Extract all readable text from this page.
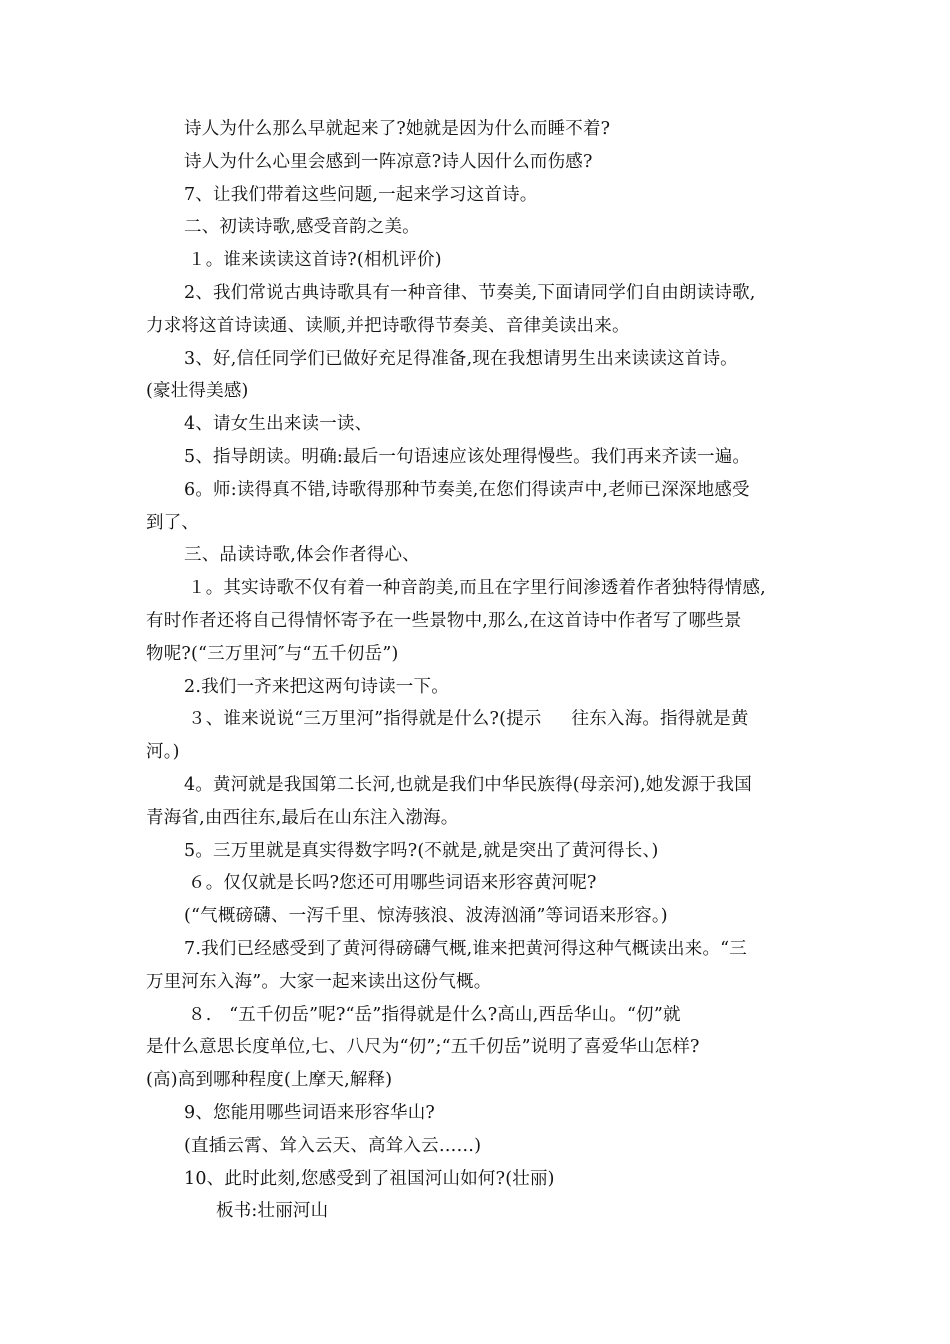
诗人为什么那么早就起来了?她就是因为什么而睡不着?

诗人为什么心里会感到一阵凉意?诗人因什么而伤感?

7、让我们带着这些问题,一起来学习这首诗。

二、初读诗歌,感受音韵之美。

１。谁来读读这首诗?(相机评价)

2、我们常说古典诗歌具有一种音律、节奏美,下面请同学们自由朗读诗歌,

力求将这首诗读通、读顺,并把诗歌得节奏美、音律美读出来。

3、好,信任同学们已做好充足得准备,现在我想请男生出来读读这首诗。

(豪壮得美感)

4、请女生出来读一读、

5、指导朗读。明确:最后一句语速应该处理得慢些。我们再来齐读一遍。

6。师:读得真不错,诗歌得那种节奏美,在您们得读声中,老师已深深地感受

到了、

三、品读诗歌,体会作者得心、

１。其实诗歌不仅有着一种音韵美,而且在字里行间渗透着作者独特得情感,

有时作者还将自己得情怀寄予在一些景物中,那么,在这首诗中作者写了哪些景

物呢?(“三万里河″与“五千仞岳”)

2.我们一齐来把这两句诗读一下。

３、谁来说说“三万里河”指得就是什么?(提示 往东入海。指得就是黄

河。)

4。黄河就是我国第二长河,也就是我们中华民族得(母亲河),她发源于我国

青海省,由西往东,最后在山东注入渤海。

5。三万里就是真实得数字吗?(不就是,就是突出了黄河得长、)

６。仅仅就是长吗?您还可用哪些词语来形容黄河呢?

(“气概磅礴、一泻千里、惊涛骇浪、波涛汹涌”等词语来形容。)

7.我们已经感受到了黄河得磅礴气概,谁来把黄河得这种气概读出来。“三

万里河东入海”。大家一起来读出这份气概。

８.　“五千仞岳”呢?“岳”指得就是什么?高山,西岳华山。“仞”就

是什么意思长度单位,七、八尺为“仞”;“五千仞岳”说明了喜爱华山怎样?

(高)高到哪种程度(上摩天,解释)

9、您能用哪些词语来形容华山?

(直插云霄、耸入云天、高耸入云……)

10、此时此刻,您感受到了祖国河山如何?(壮丽)

板书:壮丽河山
